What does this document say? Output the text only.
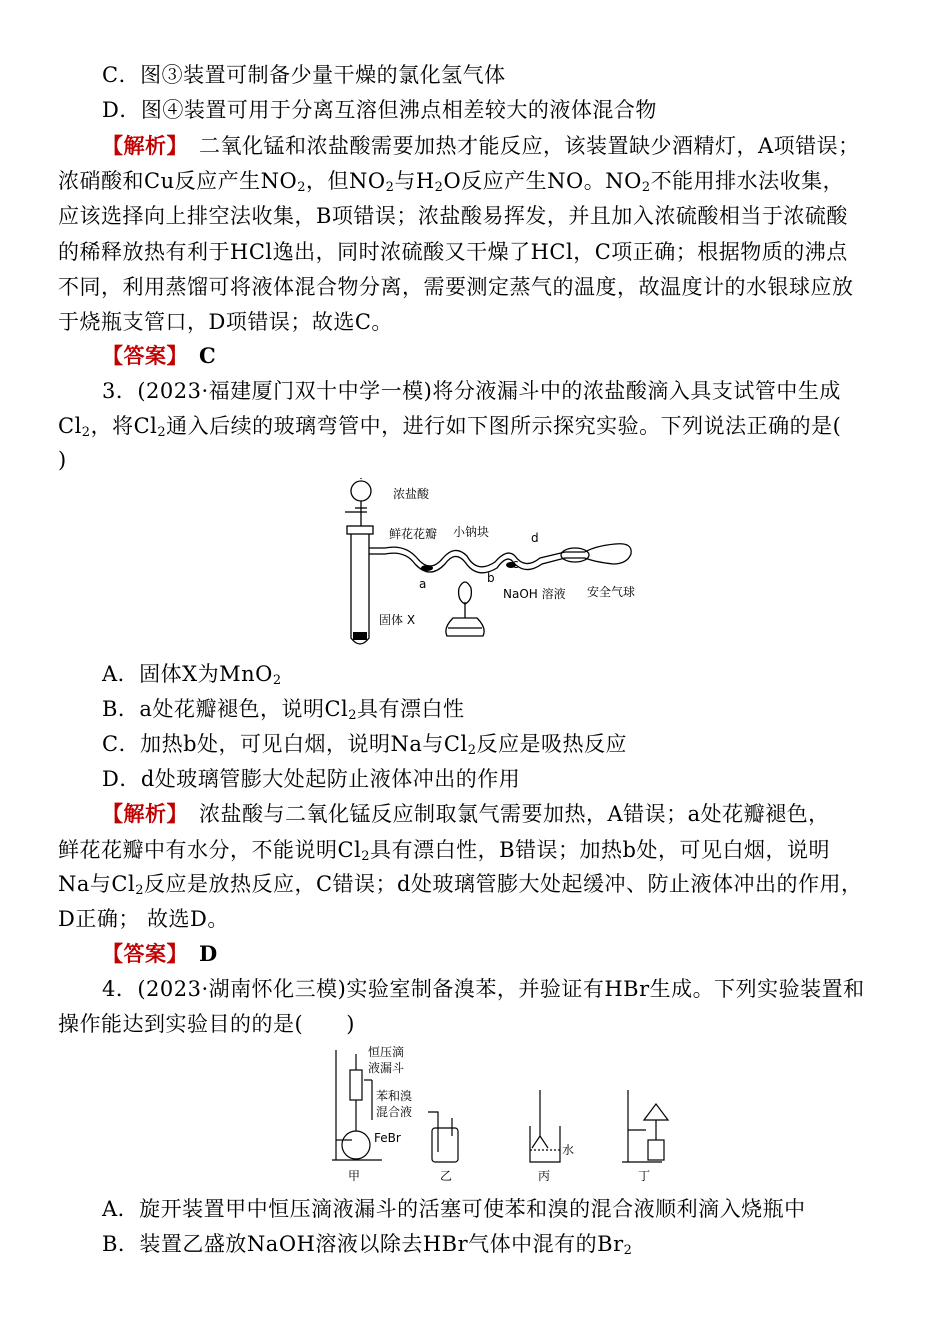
C．图③装置可制备少量干燥的氯化氢气体
D．图④装置可用于分离互溶但沸点相差较大的液体混合物
【解析】　 二氧化锰和浓盐酸需要加热才能反应，该装置缺少酒精灯，A项错误；
浓硝酸和Cu反应产生$NO_2$，但$NO_2$与$H_2O$反应产生NO。$NO_2$不能用排水法收集，
应该选择向上排空法收集，B项错误；浓盐酸易挥发，并且加入浓硫酸相当于浓硫酸
的稀释放热有利于HCl逸出，同时浓硫酸又干燥了HCl，C项正确；根据物质的沸点
不同，利用蒸馏可将液体混合物分离，需要测定蒸气的温度，故温度计的水银球应放
于烧瓶支管口，D项错误；故选C。
【答案】　 C
3．(2023·福建厦门双十中学一模)将分液漏斗中的浓盐酸滴入具支试管中生成
$Cl_2$，将$Cl_2$通入后续的玻璃弯管中，进行如下图所示探究实验。下列说法正确的是(
)
浓盐酸
鲜花花瓣 小钠块
a	b
c
d
NaOH 溶液 安全气球
固体 X
A．固体X为MnO$_2$
B．a处花瓣褪色，说明$Cl_2$具有漂白性
C．加热b处，可见白烟，说明Na与$Cl_2$反应是吸热反应
D．d处玻璃管膨大处起防止液体冲出的作用
【解析】　 浓盐酸与二氧化锰反应制取氯气需要加热，A错误；a处花瓣褪色，
鲜花花瓣中有水分，不能说明$Cl_2$具有漂白性，B错误；加热b处，可见白烟，说明
Na与$Cl_2$反应是放热反应，C错误；d处玻璃管膨大处起缓冲、防止液体冲出的作用，
D正确； 故选D。
【答案】　 D
4．(2023·湖南怀化三模)实验室制备溴苯，并验证有HBr生成。下列实验装置和
操作能达到实验目的的是(　　)
恒压滴
液漏斗
苯和溴
混合液
FeBr
水
甲	乙	丙	丁
A．旋开装置甲中恒压滴液漏斗的活塞可使苯和溴的混合液顺利滴入烧瓶中
B．装置乙盛放NaOH溶液以除去HBr气体中混有的$Br_2$
